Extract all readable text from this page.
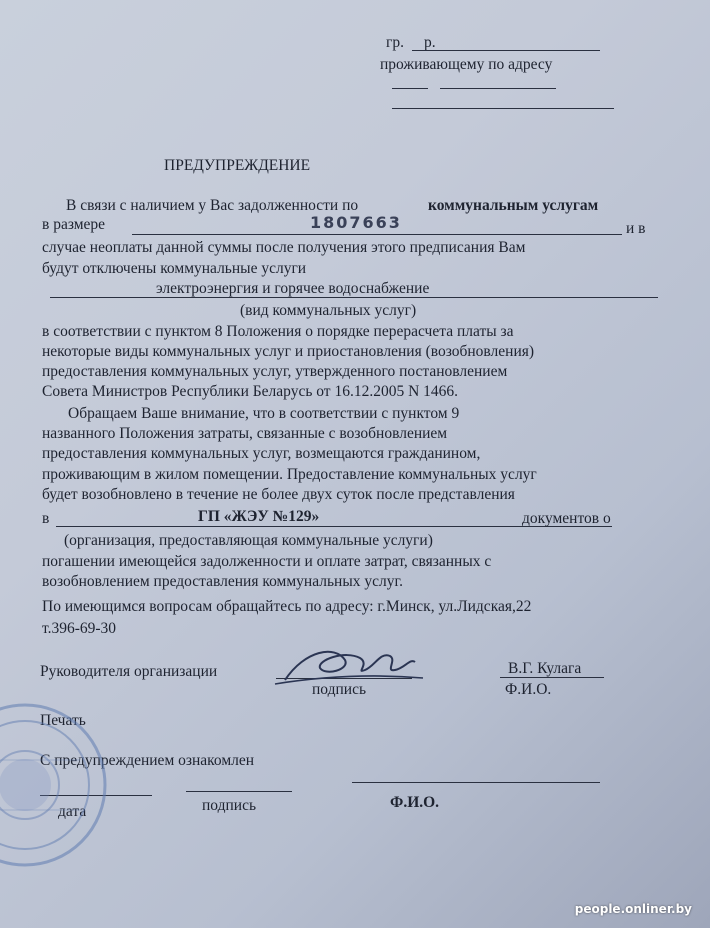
гр. р.
проживающему по адресу
ПРЕДУПРЕЖДЕНИЕ
В связи с наличием у Вас задолженности по	коммунальным услугам
в размере	1807663	и в
случае неоплаты данной суммы после получения этого предписания Вам
будут отключены коммунальные услуги
электроэнергия и горячее водоснабжение
(вид коммунальных услуг)
в соответствии с пунктом 8 Положения о порядке перерасчета платы за
некоторые виды коммунальных услуг и приостановления (возобновления)
предоставления коммунальных услуг, утвержденного постановлением
Совета Министров Республики Беларусь от 16.12.2005 N 1466.
Обращаем Ваше внимание, что в соответствии с пунктом 9
названного Положения затраты, связанные с возобновлением
предоставления коммунальных услуг, возмещаются гражданином,
проживающим в жилом помещении. Предоставление коммунальных услуг
будет возобновлено в течение не более двух суток после представления
в	ГП «ЖЭУ №129»	документов о
(организация, предоставляющая коммунальные услуги)
погашении имеющейся задолженности и оплате затрат, связанных с
возобновлением предоставления коммунальных услуг.
По имеющимся вопросам обращайтесь по адресу: г.Минск, ул.Лидская,22
т.396-69-30
Руководителя организации	В.Г. Кулага
подпись	Ф.И.О.
Печать
С предупреждением ознакомлен
дата	подпись	Ф.И.О.
people.onliner.by
